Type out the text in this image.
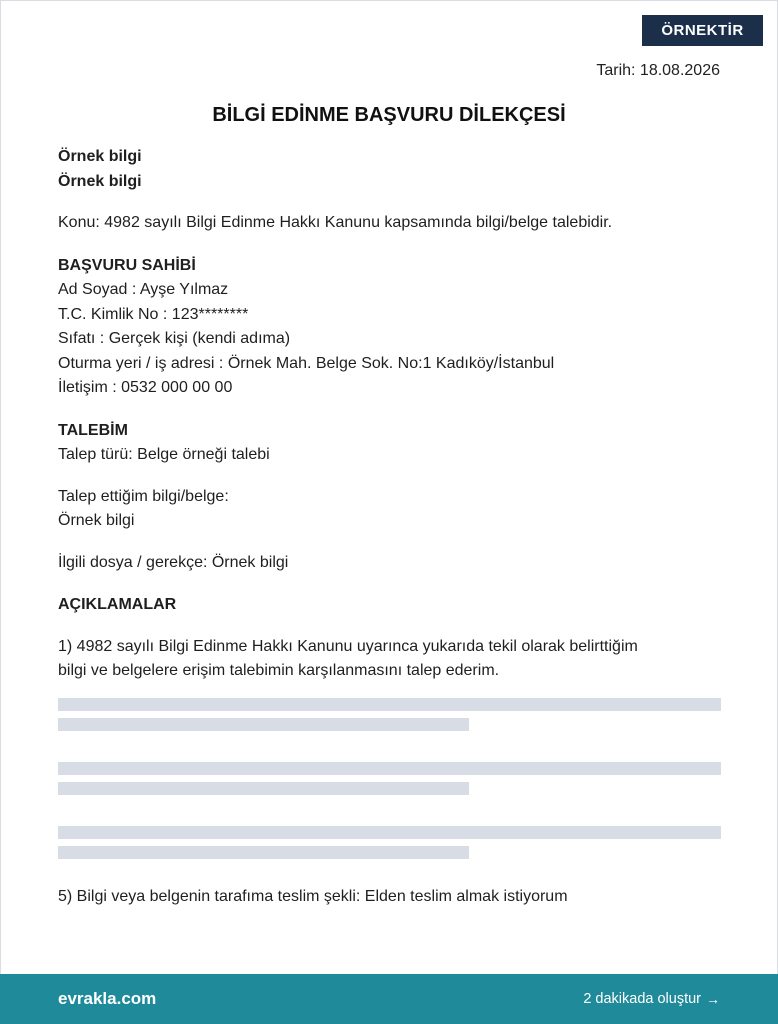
ÖRNEKTİR
Tarih: 18.08.2026
BİLGİ EDİNME BAŞVURU DİLEKÇESİ
Örnek bilgi
Örnek bilgi
Konu: 4982 sayılı Bilgi Edinme Hakkı Kanunu kapsamında bilgi/belge talebidir.
BAŞVURU SAHİBİ
Ad Soyad : Ayşe Yılmaz
T.C. Kimlik No : 123********
Sıfatı : Gerçek kişi (kendi adıma)
Oturma yeri / iş adresi : Örnek Mah. Belge Sok. No:1 Kadıköy/İstanbul
İletişim : 0532 000 00 00
TALEBİM
Talep türü: Belge örneği talebi
Talep ettiğim bilgi/belge:
Örnek bilgi
İlgili dosya / gerekçe: Örnek bilgi
AÇIKLAMALAR
1) 4982 sayılı Bilgi Edinme Hakkı Kanunu uyarınca yukarıda tekil olarak belirttiğim
bilgi ve belgelere erişim talebimin karşılanmasını talep ederim.
5) Bilgi veya belgenin tarafıma teslim şekli: Elden teslim almak istiyorum
evrakla.com	2 dakikada oluştur →
